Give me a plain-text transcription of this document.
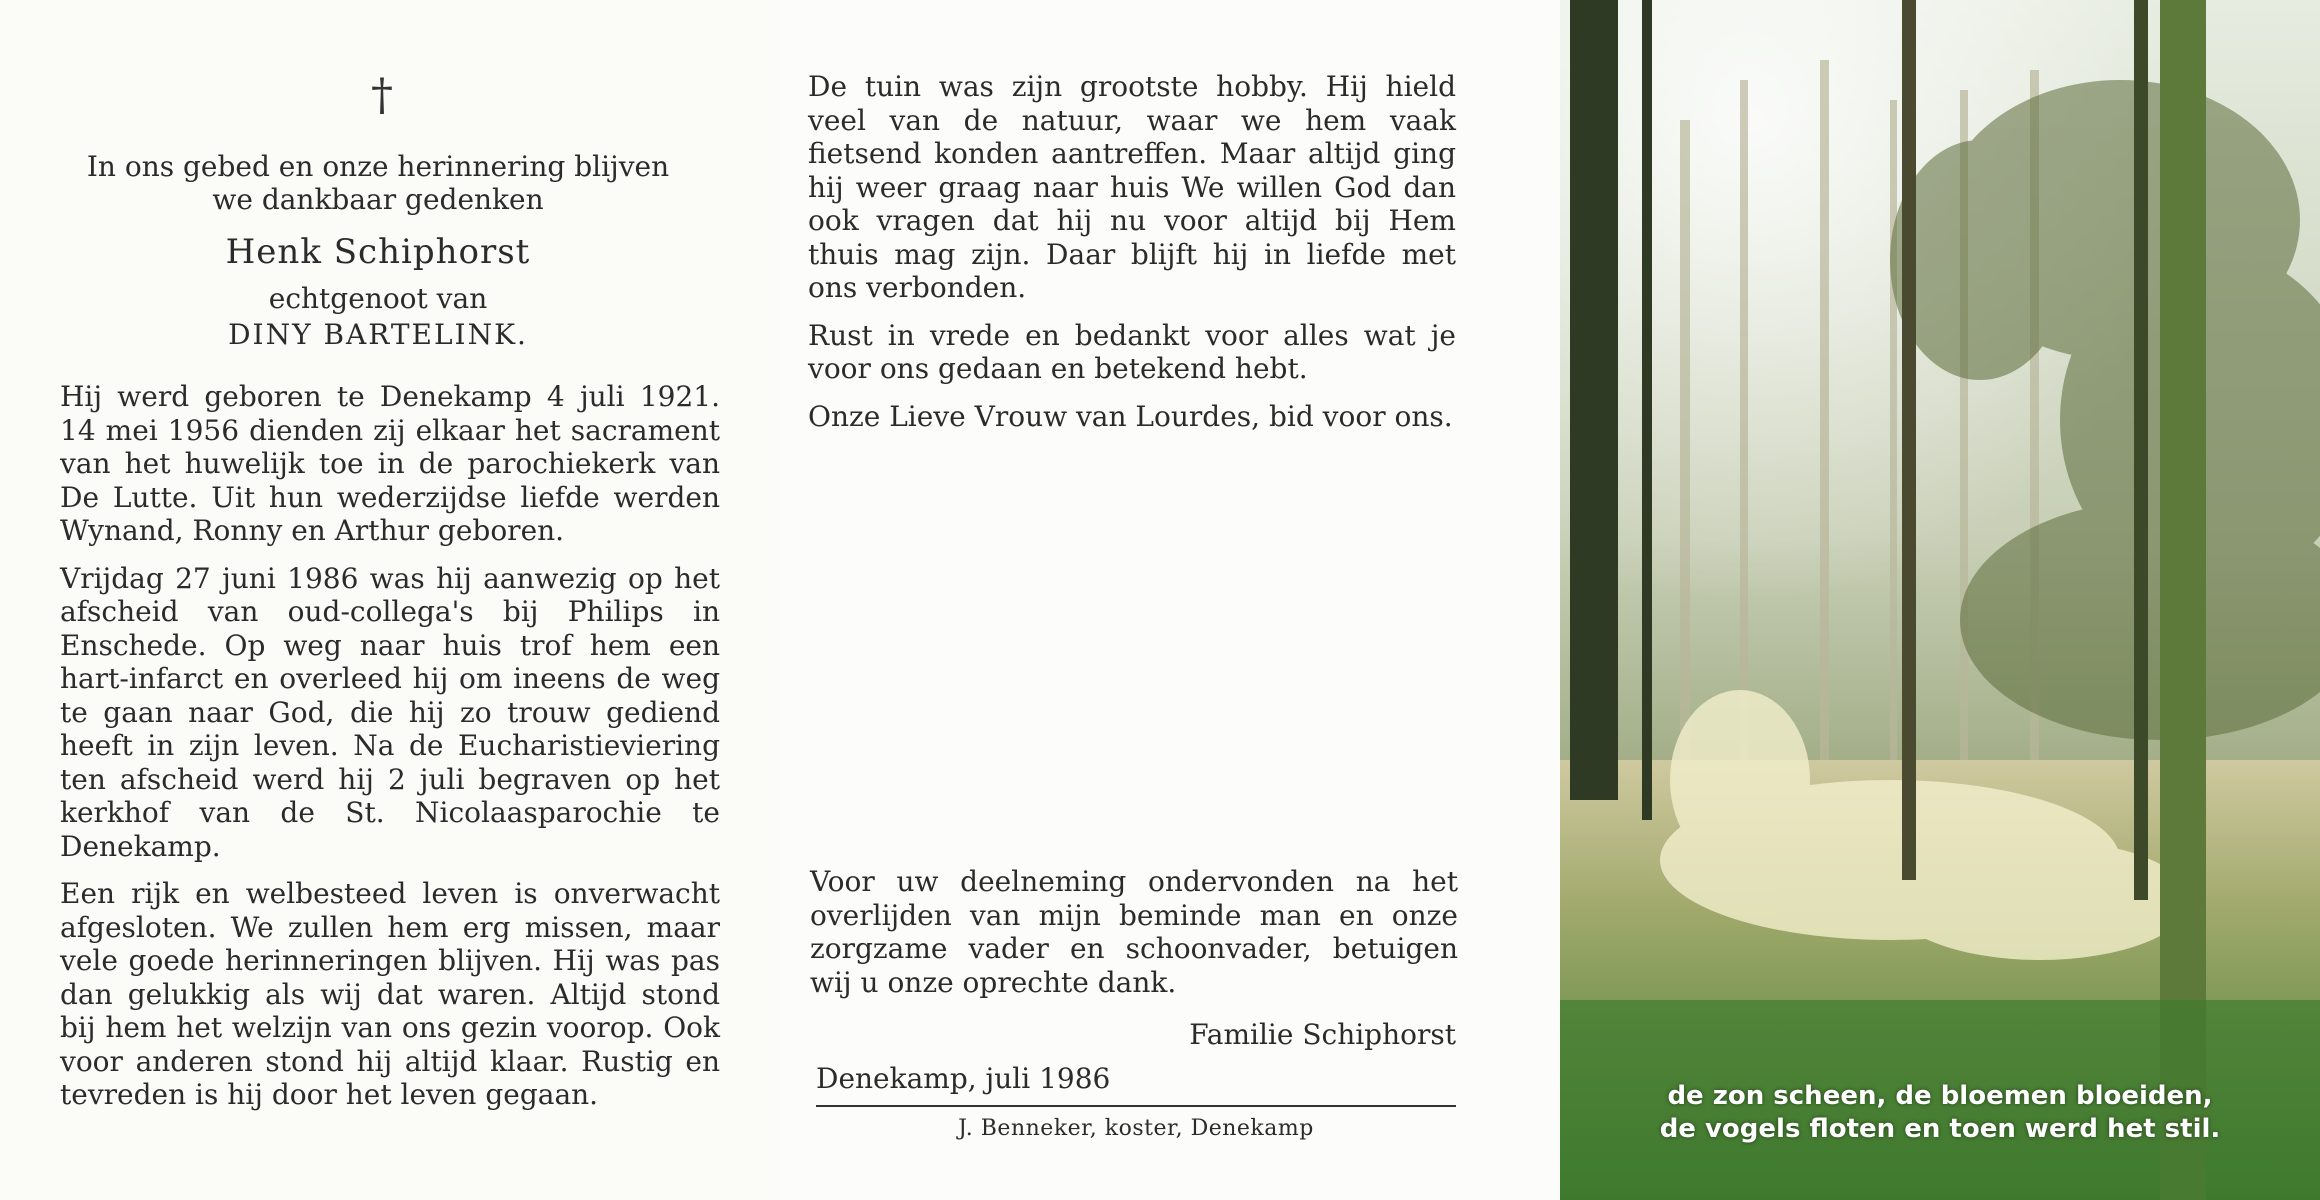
†
In ons gebed en onze herinnering blijven
we dankbaar gedenken
Henk Schiphorst
echtgenoot van
DINY BARTELINK.

Hij werd geboren te Denekamp 4 juli 1921. 14 mei 1956 dienden zij elkaar het sacrament van het huwelijk toe in de parochiekerk van De Lutte. Uit hun wederzijdse liefde werden Wynand, Ronny en Arthur geboren.

Vrijdag 27 juni 1986 was hij aanwezig op het afscheid van oud-collega's bij Philips in Enschede. Op weg naar huis trof hem een hart-infarct en overleed hij om ineens de weg te gaan naar God, die hij zo trouw gediend heeft in zijn leven. Na de Eucharistieviering ten afscheid werd hij 2 juli begraven op het kerkhof van de St. Nicolaasparochie te Denekamp.

Een rijk en welbesteed leven is onverwacht afgesloten. We zullen hem erg missen, maar vele goede herinneringen blijven. Hij was pas dan gelukkig als wij dat waren. Altijd stond bij hem het welzijn van ons gezin voorop. Ook voor anderen stond hij altijd klaar. Rustig en tevreden is hij door het leven gegaan.

De tuin was zijn grootste hobby. Hij hield veel van de natuur, waar we hem vaak fietsend konden aantreffen. Maar altijd ging hij weer graag naar huis We willen God dan ook vragen dat hij nu voor altijd bij Hem thuis mag zijn. Daar blijft hij in liefde met ons verbonden.

Rust in vrede en bedankt voor alles wat je voor ons gedaan en betekend hebt.

Onze Lieve Vrouw van Lourdes, bid voor ons.

Voor uw deelneming ondervonden na het overlijden van mijn beminde man en onze zorgzame vader en schoonvader, betuigen wij u onze oprechte dank.

Familie Schiphorst
Denekamp, juli 1986
J. Benneker, koster, Denekamp
de zon scheen, de bloemen bloeiden,
de vogels floten en toen werd het stil.
